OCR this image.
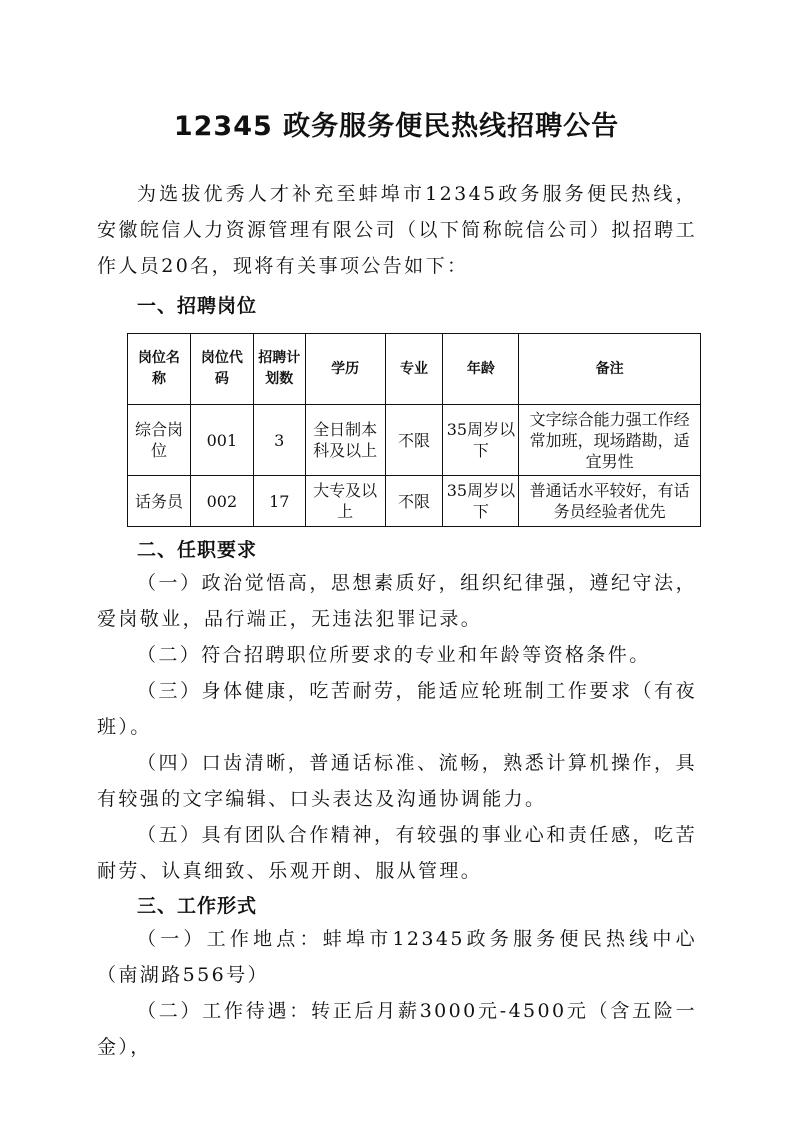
12345 政务服务便民热线招聘公告

为选拔优秀人才补充至蚌埠市12345政务服务便民热线，安徽皖信人力资源管理有限公司（以下简称皖信公司）拟招聘工作人员20名，现将有关事项公告如下：

一、招聘岗位
岗位名称	岗位代码	招聘计划数	学历	专业	年龄	备注
综合岗位	001	3	全日制本科及以上	不限	35周岁以下	文字综合能力强工作经常加班，现场踏勘，适宜男性
话务员	002	17	大专及以上	不限	35周岁以下	普通话水平较好，有话务员经验者优先
二、任职要求

（一）政治觉悟高，思想素质好，组织纪律强，遵纪守法，爱岗敬业，品行端正，无违法犯罪记录。

（二）符合招聘职位所要求的专业和年龄等资格条件。

（三）身体健康，吃苦耐劳，能适应轮班制工作要求（有夜班）。

（四）口齿清晰，普通话标准、流畅，熟悉计算机操作，具有较强的文字编辑、口头表达及沟通协调能力。

（五）具有团队合作精神，有较强的事业心和责任感，吃苦耐劳、认真细致、乐观开朗、服从管理。

三、工作形式

（一）工作地点：蚌埠市12345政务服务便民热线中心（南湖路556号）

（二）工作待遇：转正后月薪3000元-4500元（含五险一金），
